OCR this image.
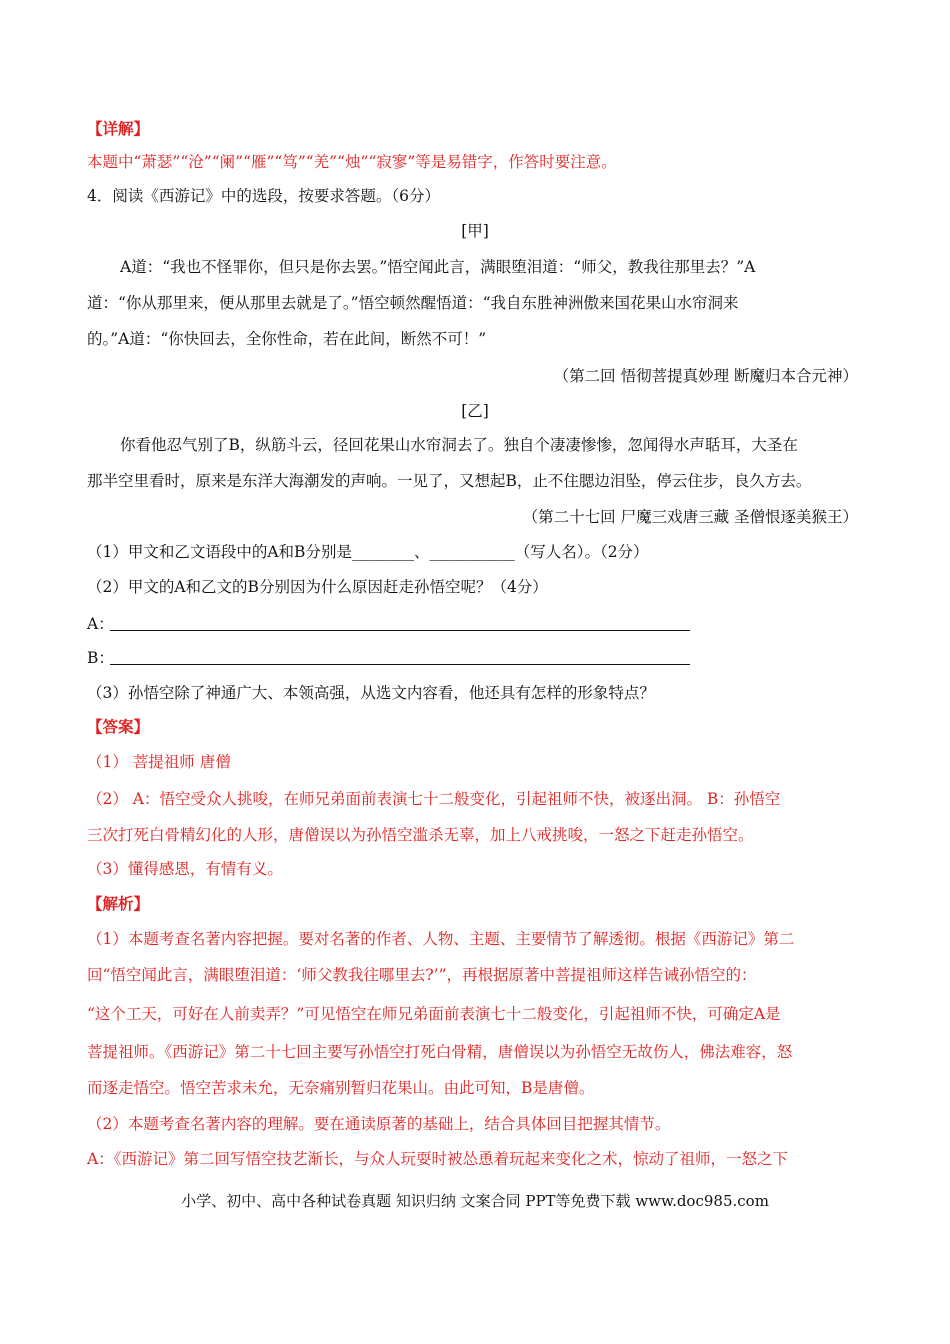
【详解】
本题中“萧瑟”“沧”“阑”“雁”“笃”“羌”“烛”“寂寥”等是易错字，作答时要注意。
4．阅读《西游记》中的选段，按要求答题。（6分）
[甲]
A道：“我也不怪罪你，但只是你去罢。”悟空闻此言，满眼堕泪道：“师父，教我往那里去？”A
道：“你从那里来，便从那里去就是了。”悟空顿然醒悟道：“我自东胜神洲傲来国花果山水帘洞来
的。”A道：“你快回去，全你性命，若在此间，断然不可！”
（第二回 悟彻菩提真妙理 断魔归本合元神）
[乙]
你看他忍气别了B，纵筋斗云，径回花果山水帘洞去了。独自个凄凄惨惨，忽闻得水声聒耳，大圣在
那半空里看时，原来是东洋大海潮发的声响。一见了，又想起B，止不住腮边泪坠，停云住步，良久方去。
（第二十七回 尸魔三戏唐三藏 圣僧恨逐美猴王）
（1）甲文和乙文语段中的A和B分别是________、___________（写人名）。（2分）
（2）甲文的A和乙文的B分别因为什么原因赶走孙悟空呢？（4分）
A：
B：
（3）孙悟空除了神通广大、本领高强，从选文内容看，他还具有怎样的形象特点？
【答案】
（1） 菩提祖师 唐僧
（2） A：悟空受众人挑唆，在师兄弟面前表演七十二般变化，引起祖师不快，被逐出洞。 B：孙悟空
三次打死白骨精幻化的人形，唐僧误以为孙悟空滥杀无辜，加上八戒挑唆，一怒之下赶走孙悟空。
（3）懂得感恩，有情有义。
【解析】
（1）本题考查名著内容把握。要对名著的作者、人物、主题、主要情节了解透彻。根据《西游记》第二
回“悟空闻此言，满眼堕泪道：‘师父教我往哪里去?’”，再根据原著中菩提祖师这样告诫孙悟空的：
“这个工天，可好在人前卖弄？”可见悟空在师兄弟面前表演七十二般变化，引起祖师不快，可确定A是
菩提祖师。《西游记》第二十七回主要写孙悟空打死白骨精，唐僧误以为孙悟空无故伤人，佛法难容，怒
而逐走悟空。悟空苦求未允，无奈痛别暂归花果山。由此可知，B是唐僧。
（2）本题考查名著内容的理解。要在通读原著的基础上，结合具体回目把握其情节。
A：《西游记》第二回写悟空技艺渐长，与众人玩耍时被怂恿着玩起来变化之术，惊动了祖师，一怒之下
小学、初中、高中各种试卷真题 知识归纳 文案合同 PPT等免费下载 www.doc985.com
